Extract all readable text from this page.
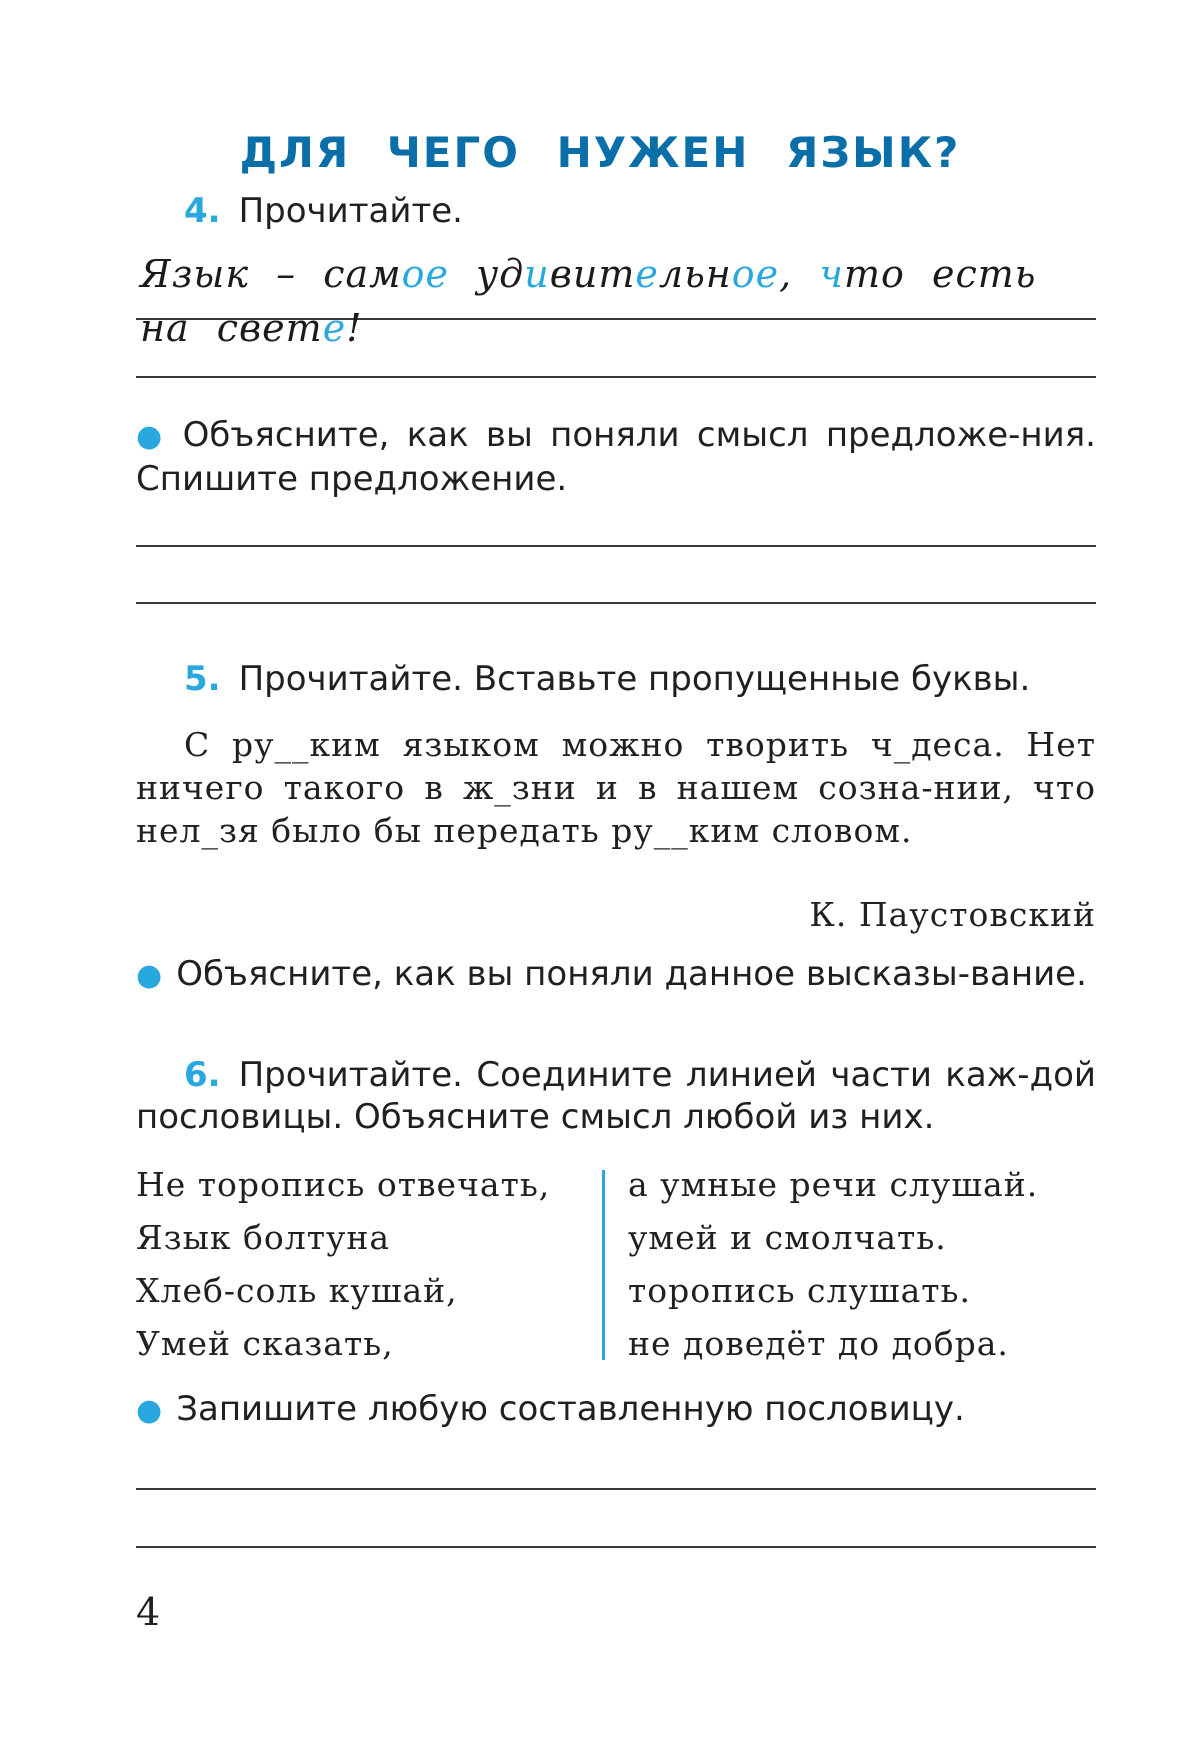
ДЛЯ ЧЕГО НУЖЕН ЯЗЫК?
4. Прочитайте.
Язык – самое удивительное, что есть
на свете!
● Объясните, как вы поняли смысл предложе-ния. Спишите предложение.
5. Прочитайте. Вставьте пропущенные буквы.
С ру__ким языком можно творить ч_деса. Нет ничего такого в ж_зни и в нашем созна-нии, что нел_зя было бы передать ру__ким словом.
К. Паустовский
● Объясните, как вы поняли данное высказы-вание.
6. Прочитайте. Соедините линией части каж-дой пословицы. Объясните смысл любой из них.
Не торопись отвечать,
Язык болтуна
Хлеб-соль кушай,
Умей сказать,
а умные речи слушай.
умей и смолчать.
торопись слушать.
не доведёт до добра.
● Запишите любую составленную пословицу.
4
